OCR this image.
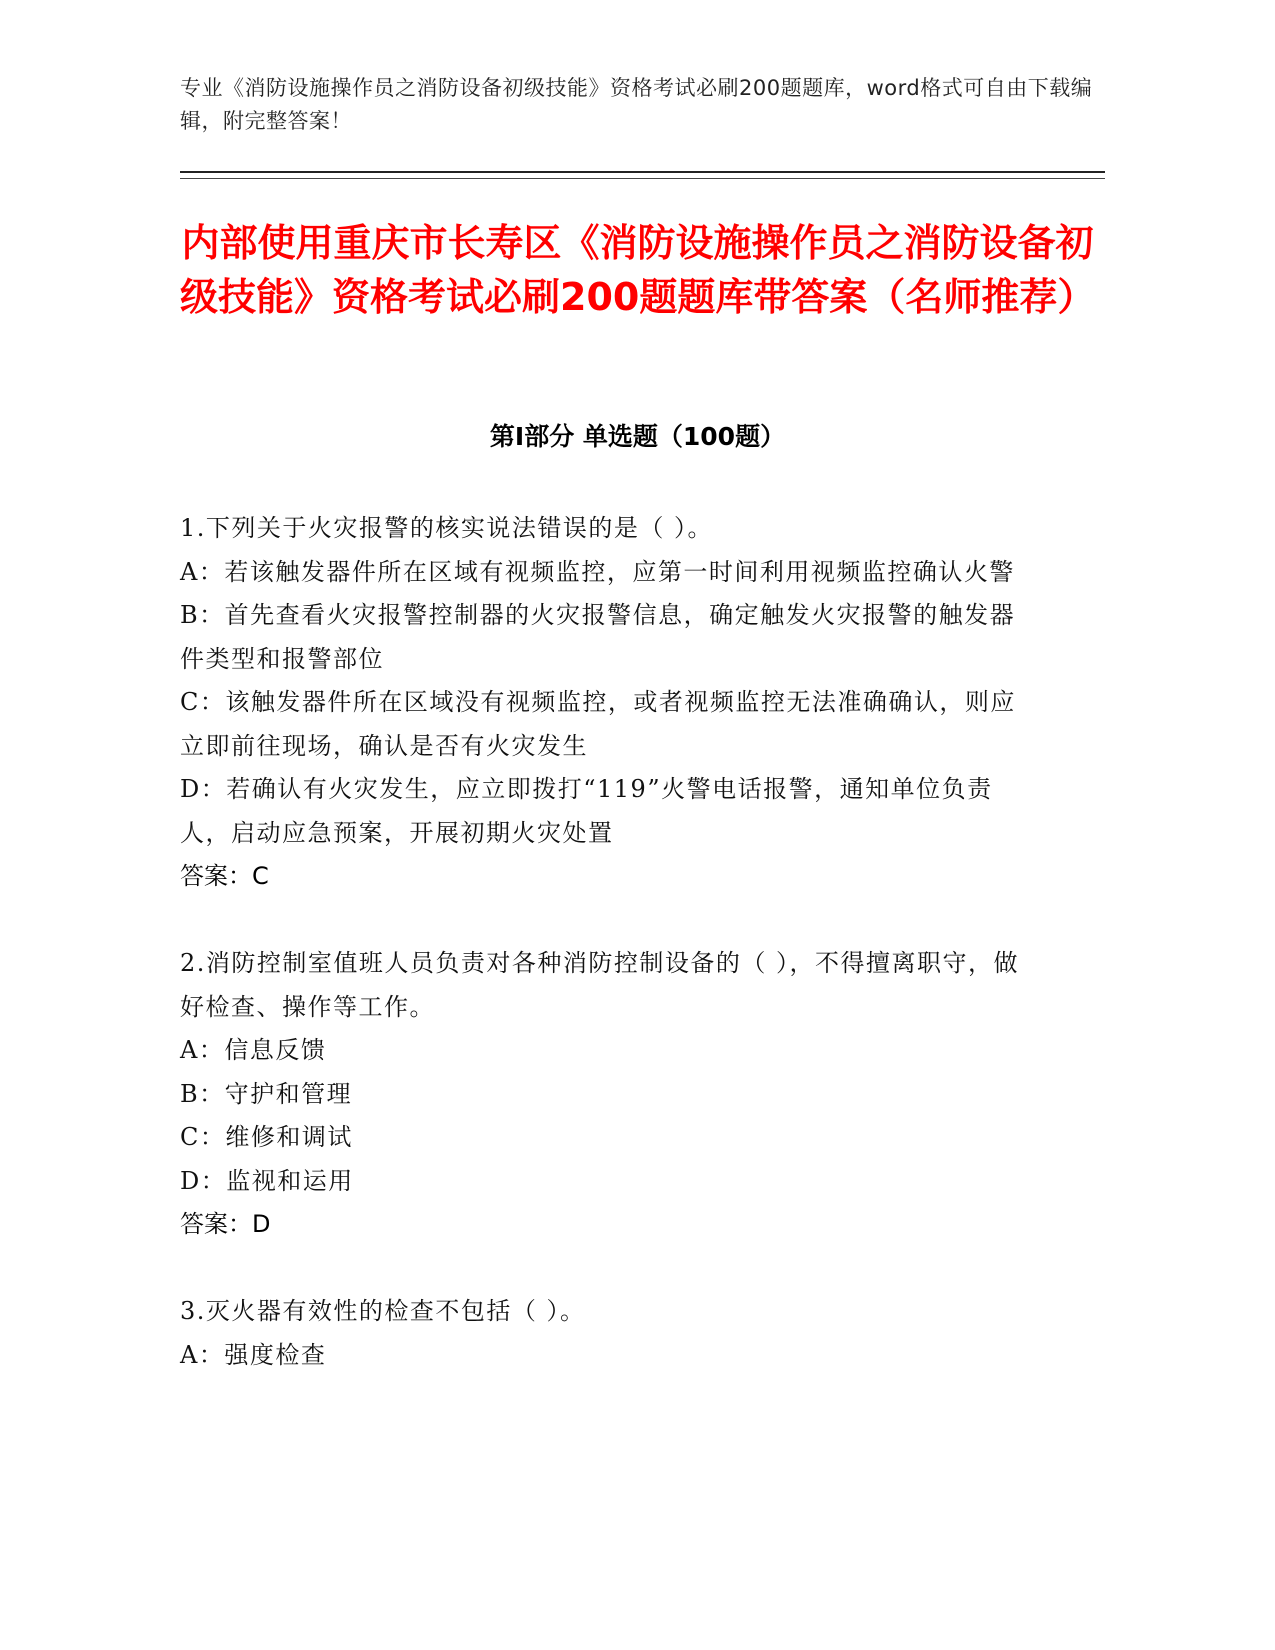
专业《消防设施操作员之消防设备初级技能》资格考试必刷200题题库，word格式可自由下载编辑，附完整答案！
内部使用重庆市长寿区《消防设施操作员之消防设备初级技能》资格考试必刷200题题库带答案（名师推荐）
第I部分 单选题（100题）

1.下列关于火灾报警的核实说法错误的是（ ）。

A：若该触发器件所在区域有视频监控，应第一时间利用视频监控确认火警

B：首先查看火灾报警控制器的火灾报警信息，确定触发火灾报警的触发器件类型和报警部位

C：该触发器件所在区域没有视频监控，或者视频监控无法准确确认，则应立即前往现场，确认是否有火灾发生

D：若确认有火灾发生，应立即拨打“119”火警电话报警，通知单位负责人，启动应急预案，开展初期火灾处置

答案：C

2.消防控制室值班人员负责对各种消防控制设备的（ ），不得擅离职守，做好检查、操作等工作。

A：信息反馈

B：守护和管理

C：维修和调试

D：监视和运用

答案：D

3.灭火器有效性的检查不包括（ ）。

A：强度检查
